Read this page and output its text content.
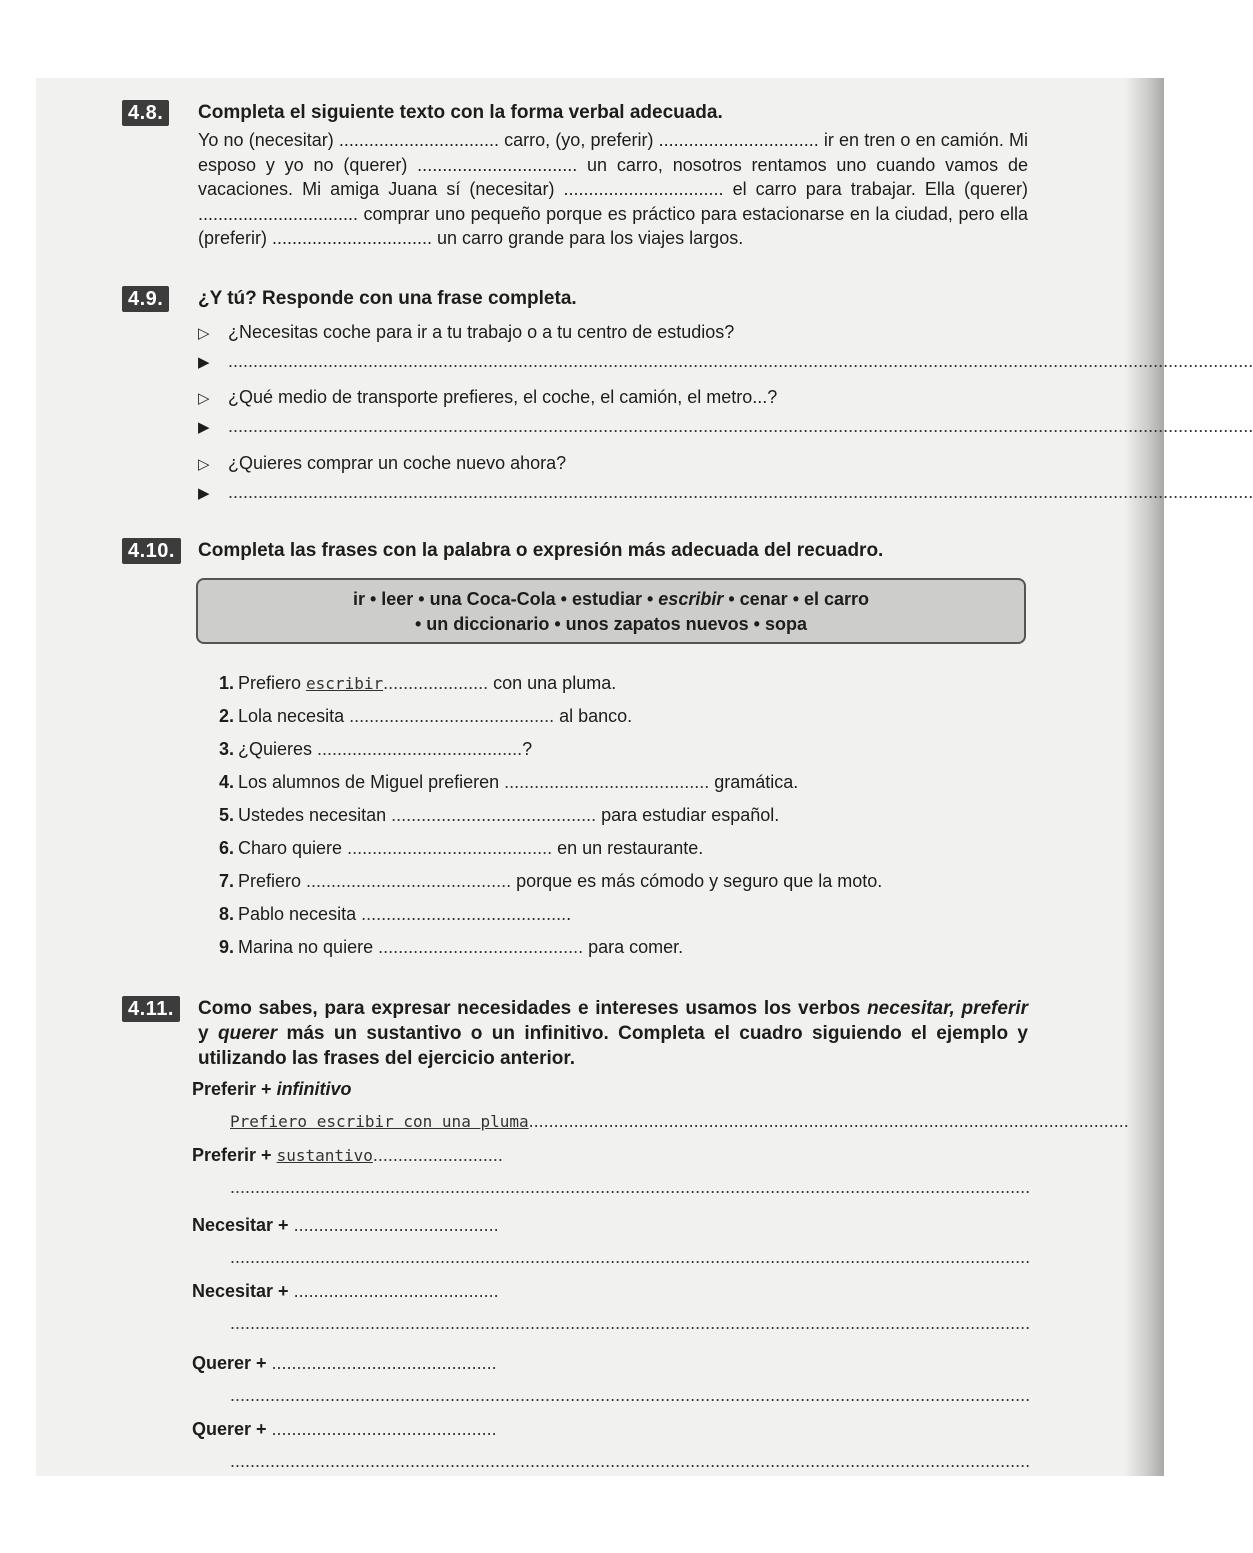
4.8.	Completa el siguiente texto con la forma verbal adecuada.

Yo no (necesitar) ................................ carro, (yo, preferir) ................................ ir en tren o en camión. Mi esposo y yo no (querer) ................................ un carro, nosotros rentamos uno cuando vamos de vacaciones. Mi amiga Juana sí (necesitar) ................................ el carro para trabajar. Ella (querer) ................................ comprar uno pequeño porque es práctico para estacionarse en la ciudad, pero ella (preferir) ................................ un carro grande para los viajes largos.

4.9.	¿Y tú? Responde con una frase completa.

▷ ¿Necesitas coche para ir a tu trabajo o a tu centro de estudios?
▶ .............................................................................................................................................................................................................
▷ ¿Qué medio de transporte prefieres, el coche, el camión, el metro...?
▶ .............................................................................................................................................................................................................
▷ ¿Quieres comprar un coche nuevo ahora?
▶ .............................................................................................................................................................................................................
4.10.	Completa las frases con la palabra o expresión más adecuada del recuadro.

ir • leer • una Coca-Cola • estudiar • escribir • cenar • el carro
• un diccionario • unos zapatos nuevos • sopa
1. Prefiero escribir..................... con una pluma.
2. Lola necesita ......................................... al banco.
3. ¿Quieres .........................................?
4. Los alumnos de Miguel prefieren ......................................... gramática.
5. Ustedes necesitan ......................................... para estudiar español.
6. Charo quiere ......................................... en un restaurante.
7. Prefiero ......................................... porque es más cómodo y seguro que la moto.
8. Pablo necesita ..........................................
9. Marina no quiere ......................................... para comer.
4.11.	Como sabes, para expresar necesidades e intereses usamos los verbos necesitar, preferir y querer más un sustantivo o un infinitivo. Completa el cuadro siguiendo el ejemplo y utilizando las frases del ejercicio anterior.

Preferir + infinitivo
Prefiero escribir con una pluma........................................................................................................................
Preferir + sustantivo..........................
................................................................................................................................................................
Necesitar + .........................................
................................................................................................................................................................
Necesitar + .........................................
................................................................................................................................................................
Querer + .............................................
................................................................................................................................................................
Querer + .............................................
................................................................................................................................................................
